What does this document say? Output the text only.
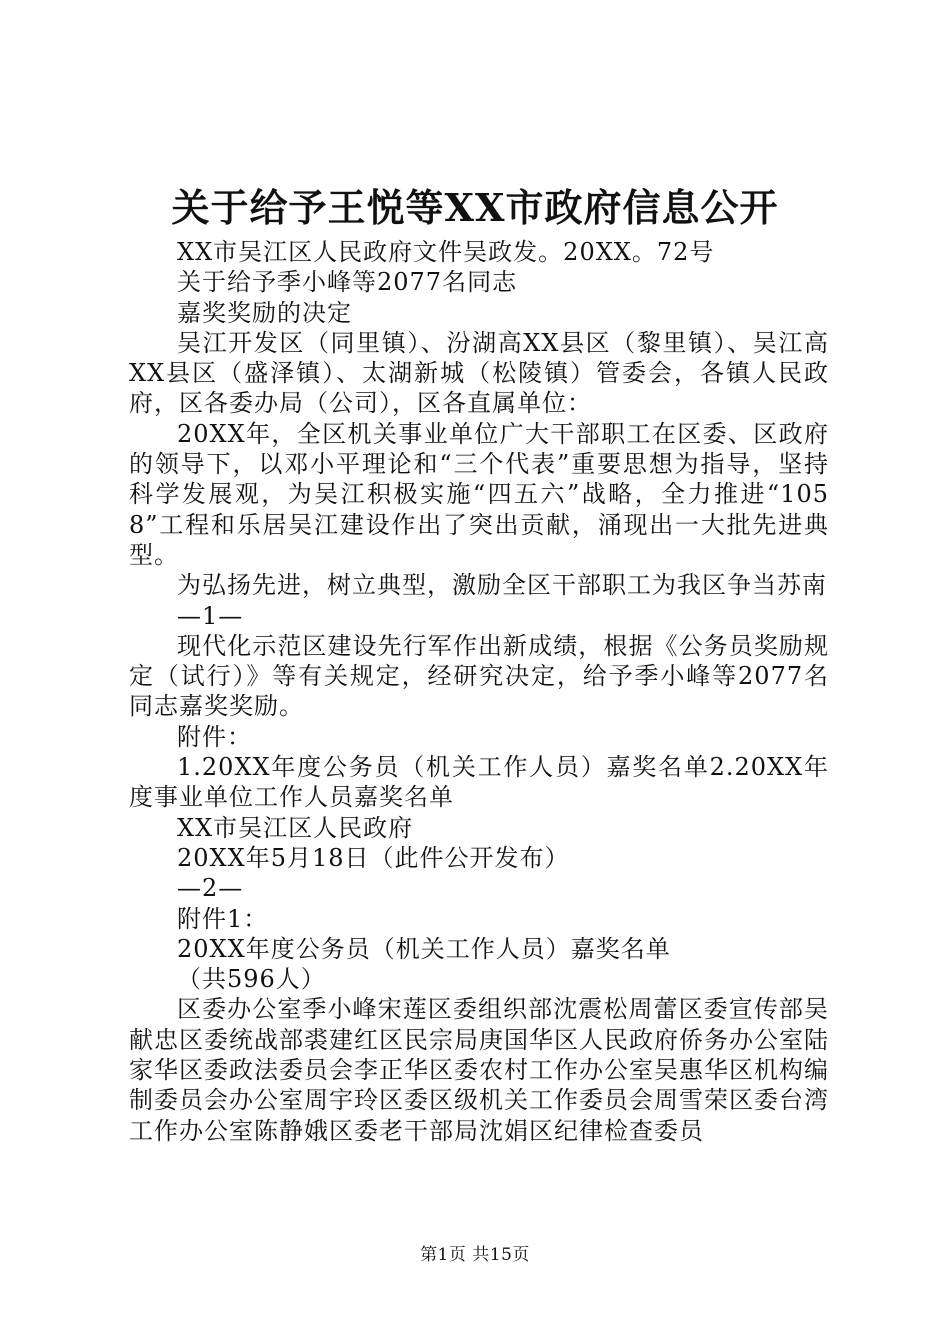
关于给予王悦等XX市政府信息公开

XX市吴江区人民政府文件吴政发。20XX。72号

关于给予季小峰等2077名同志

嘉奖奖励的决定

吴江开发区（同里镇）、汾湖高XX县区（黎里镇）、吴江高XX县区（盛泽镇）、太湖新城（松陵镇）管委会，各镇人民政府，区各委办局（公司），区各直属单位：

20XX年，全区机关事业单位广大干部职工在区委、区政府的领导下，以邓小平理论和“三个代表”重要思想为指导，坚持科学发展观，为吴江积极实施“四五六”战略，全力推进“1058”工程和乐居吴江建设作出了突出贡献，涌现出一大批先进典型。

为弘扬先进，树立典型，激励全区干部职工为我区争当苏南

—1—

现代化示范区建设先行军作出新成绩，根据《公务员奖励规定（试行）》等有关规定，经研究决定，给予季小峰等2077名同志嘉奖奖励。

附件：

1.20XX年度公务员（机关工作人员）嘉奖名单2.20XX年度事业单位工作人员嘉奖名单

XX市吴江区人民政府

20XX年5月18日（此件公开发布）

—2—

附件1：

20XX年度公务员（机关工作人员）嘉奖名单

（共596人）

区委办公室季小峰宋莲区委组织部沈震松周蕾区委宣传部吴献忠区委统战部裘建红区民宗局庚国华区人民政府侨务办公室陆家华区委政法委员会李正华区委农村工作办公室吴惠华区机构编制委员会办公室周宇玲区委区级机关工作委员会周雪荣区委台湾工作办公室陈静娥区委老干部局沈娟区纪律检查委员

第1页 共15页
